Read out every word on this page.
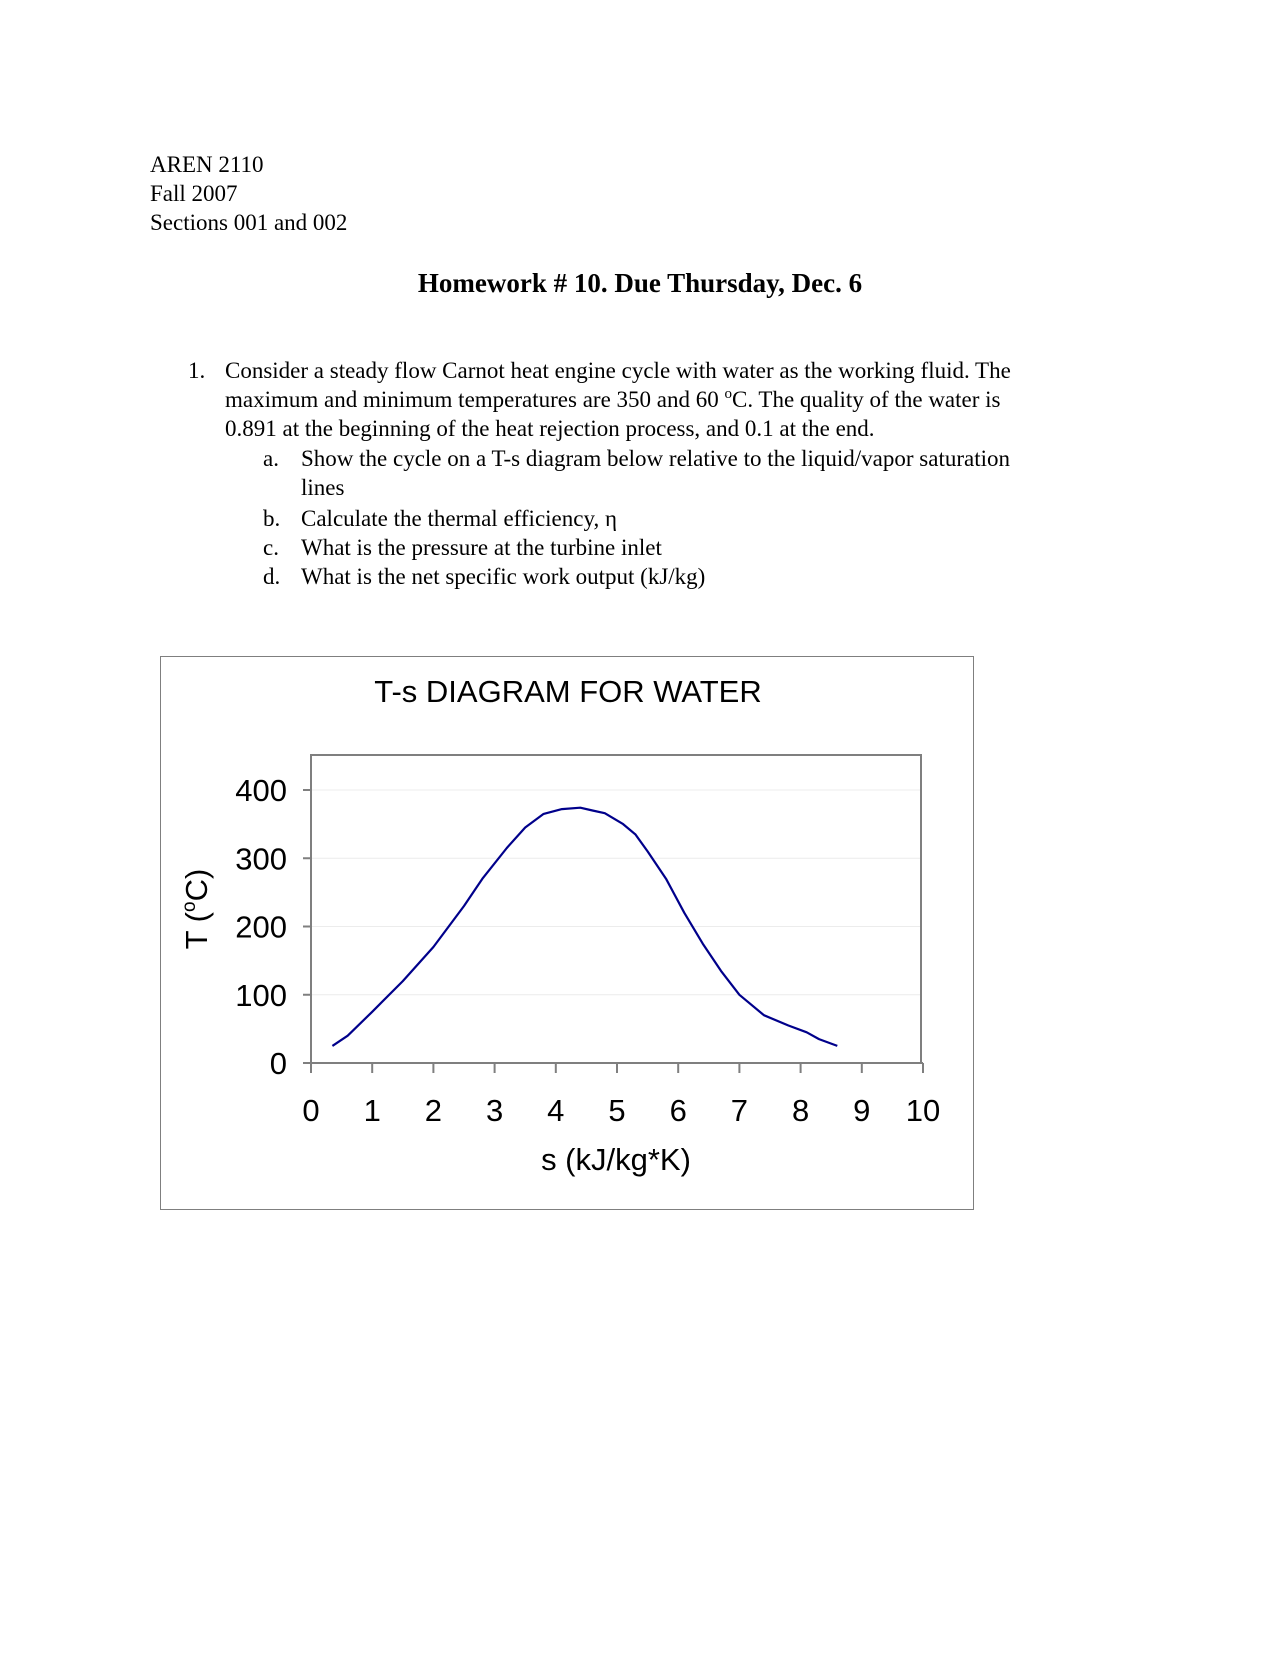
AREN 2110
Fall 2007
Sections 001 and 002
Homework # 10. Due Thursday, Dec. 6
1. Consider a steady flow Carnot heat engine cycle with water as the working fluid. The
maximum and minimum temperatures are 350 and 60 $^o$C. The quality of the water is
0.891 at the beginning of the heat rejection process, and 0.1 at the end.
a. Show the cycle on a T-s diagram below relative to the liquid/vapor saturation
lines
b. Calculate the thermal efficiency, η
c. What is the pressure at the turbine inlet
d. What is the net specific work output (kJ/kg)
T-s DIAGRAM FOR WATER
0
100
200
300
400
0 1 2 3 4 5 6 7 8 9 10
s (kJ/kg*K)
T ($^o$C)
